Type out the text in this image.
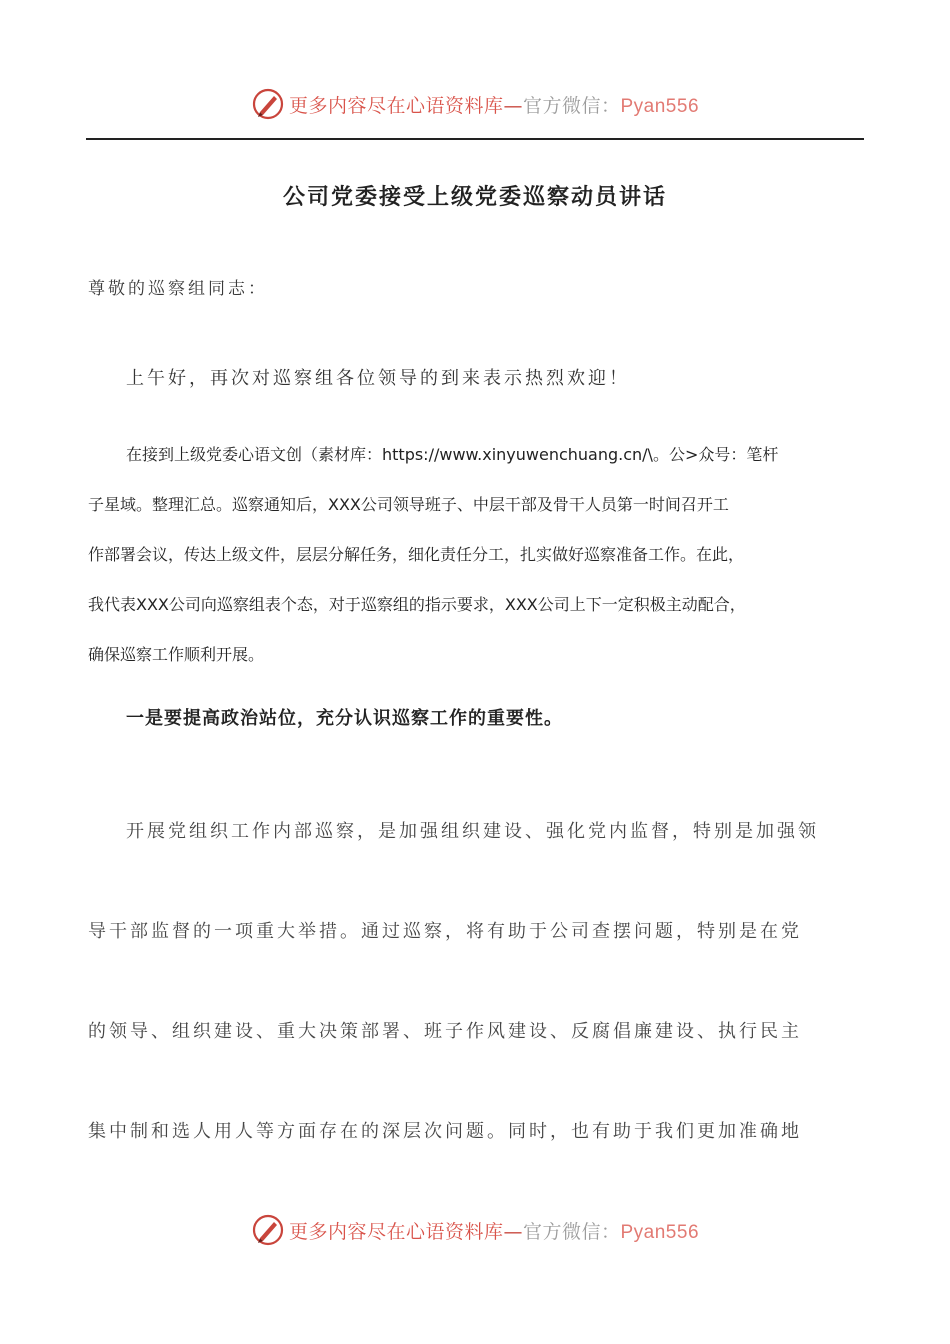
更多内容尽在心语资料库—官方微信：Pyan556
公司党委接受上级党委巡察动员讲话
尊敬的巡察组同志：
上午好，再次对巡察组各位领导的到来表示热烈欢迎！
在接到上级党委心语文创（素材库：https://www.xinyuwenchuang.cn/\。公>众号：笔杆
子星域。整理汇总。巡察通知后，XXX公司领导班子、中层干部及骨干人员第一时间召开工
作部署会议，传达上级文件，层层分解任务，细化责任分工，扎实做好巡察准备工作。在此，
我代表XXX公司向巡察组表个态，对于巡察组的指示要求，XXX公司上下一定积极主动配合，
确保巡察工作顺利开展。
一是要提高政治站位，充分认识巡察工作的重要性。
开展党组织工作内部巡察，是加强组织建设、强化党内监督，特别是加强领
导干部监督的一项重大举措。通过巡察，将有助于公司查摆问题，特别是在党
的领导、组织建设、重大决策部署、班子作风建设、反腐倡廉建设、执行民主
集中制和选人用人等方面存在的深层次问题。同时，也有助于我们更加准确地
更多内容尽在心语资料库—官方微信：Pyan556
